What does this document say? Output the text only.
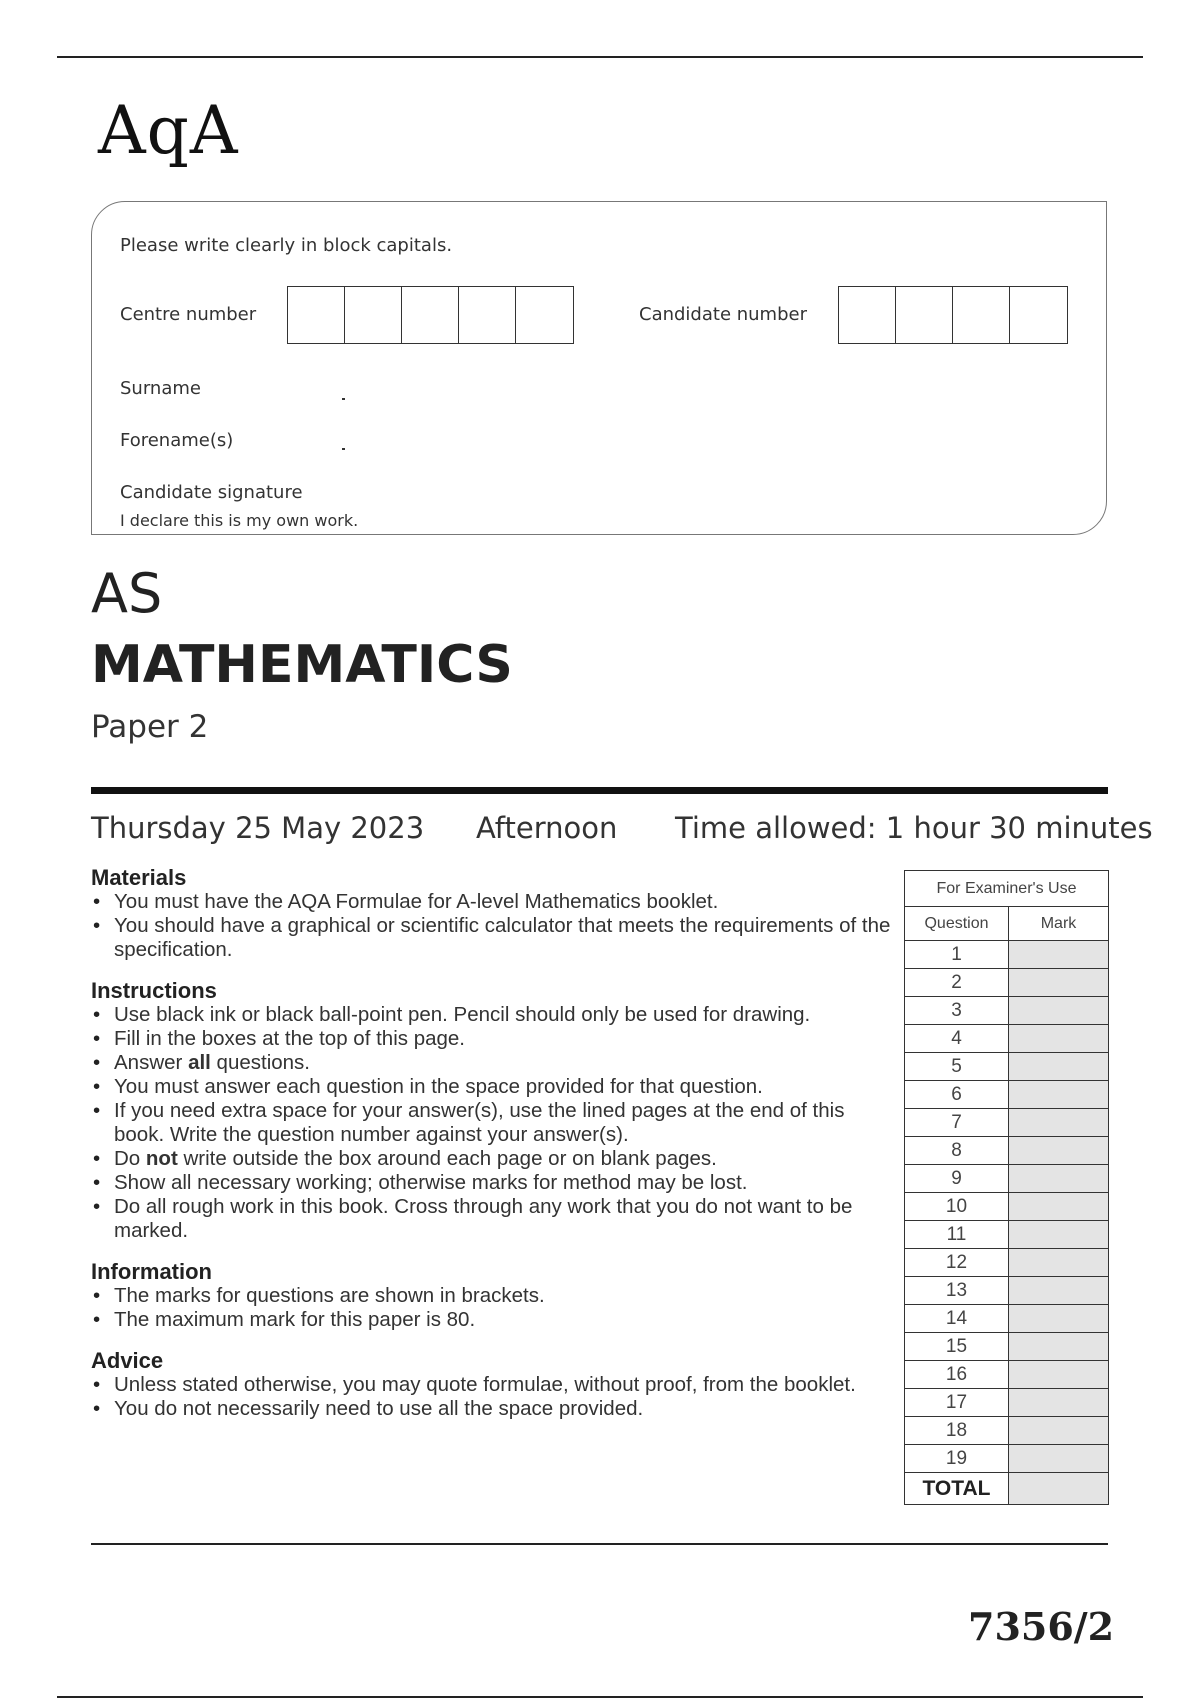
AqA
Please write clearly in block capitals.
Centre number	Candidate number
Surname
Forename(s)
Candidate signature
I declare this is my own work.
AS
MATHEMATICS
Paper 2
Thursday 25 May 2023 Afternoon Time allowed: 1 hour 30 minutes
Materials
• You must have the AQA Formulae for A-level Mathematics booklet.
• You should have a graphical or scientific calculator that meets the requirements of the specification.
Instructions
• Use black ink or black ball-point pen. Pencil should only be used for drawing.
• Fill in the boxes at the top of this page.
• Answer all questions.
• You must answer each question in the space provided for that question.
• If you need extra space for your answer(s), use the lined pages at the end of this book. Write the question number against your answer(s).
• Do not write outside the box around each page or on blank pages.
• Show all necessary working; otherwise marks for method may be lost.
• Do all rough work in this book. Cross through any work that you do not want to be marked.
Information
• The marks for questions are shown in brackets.
• The maximum mark for this paper is 80.
Advice
• Unless stated otherwise, you may quote formulae, without proof, from the booklet.
• You do not necessarily need to use all the space provided.
For Examiner's Use	
Question	Mark
1	
2	
3	
4	
5	
6	
7	
8	
9	
10	
11	
12	
13	
14	
15	
16	
17	
18	
19	
TOTAL	
7356/2
